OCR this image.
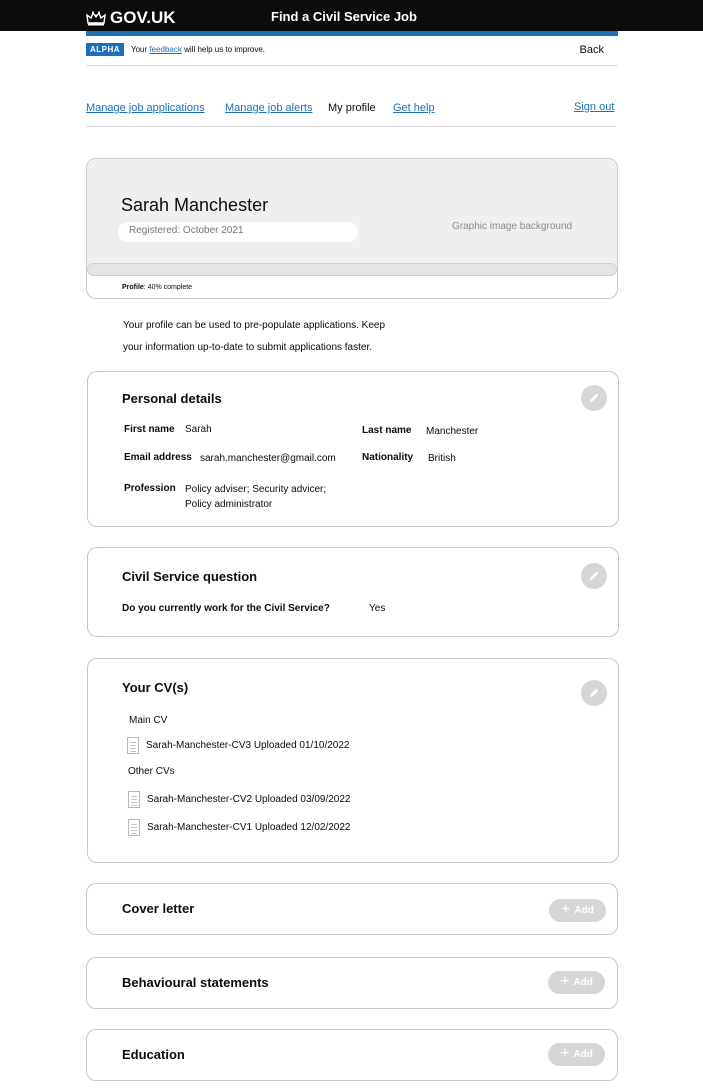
GOV.UK	Find a Civil Service Job
ALPHA	Your feedback will help us to improve.	Back
Manage job applications Manage job alerts My profile Get help	Sign out
Sarah Manchester
Registered: October 2021	Graphic image background
Profile: 40% complete
Your profile can be used to pre-populate applications. Keep
your information up-to-date to submit applications faster.
Personal details
First name Sarah	Last name Manchester
Email address sarah.manchester@gmail.com	Nationality British
Profession Policy adviser; Security advicer;
Policy administrator
Civil Service question
Do you currently work for the Civil Service?	Yes
Your CV(s)
Main CV
Sarah-Manchester-CV3 Uploaded 01/10/2022
Other CVs
Sarah-Manchester-CV2 Uploaded 03/09/2022
Sarah-Manchester-CV1 Uploaded 12/02/2022
Cover letter	+ Add
Behavioural statements	+ Add
Education	+ Add
